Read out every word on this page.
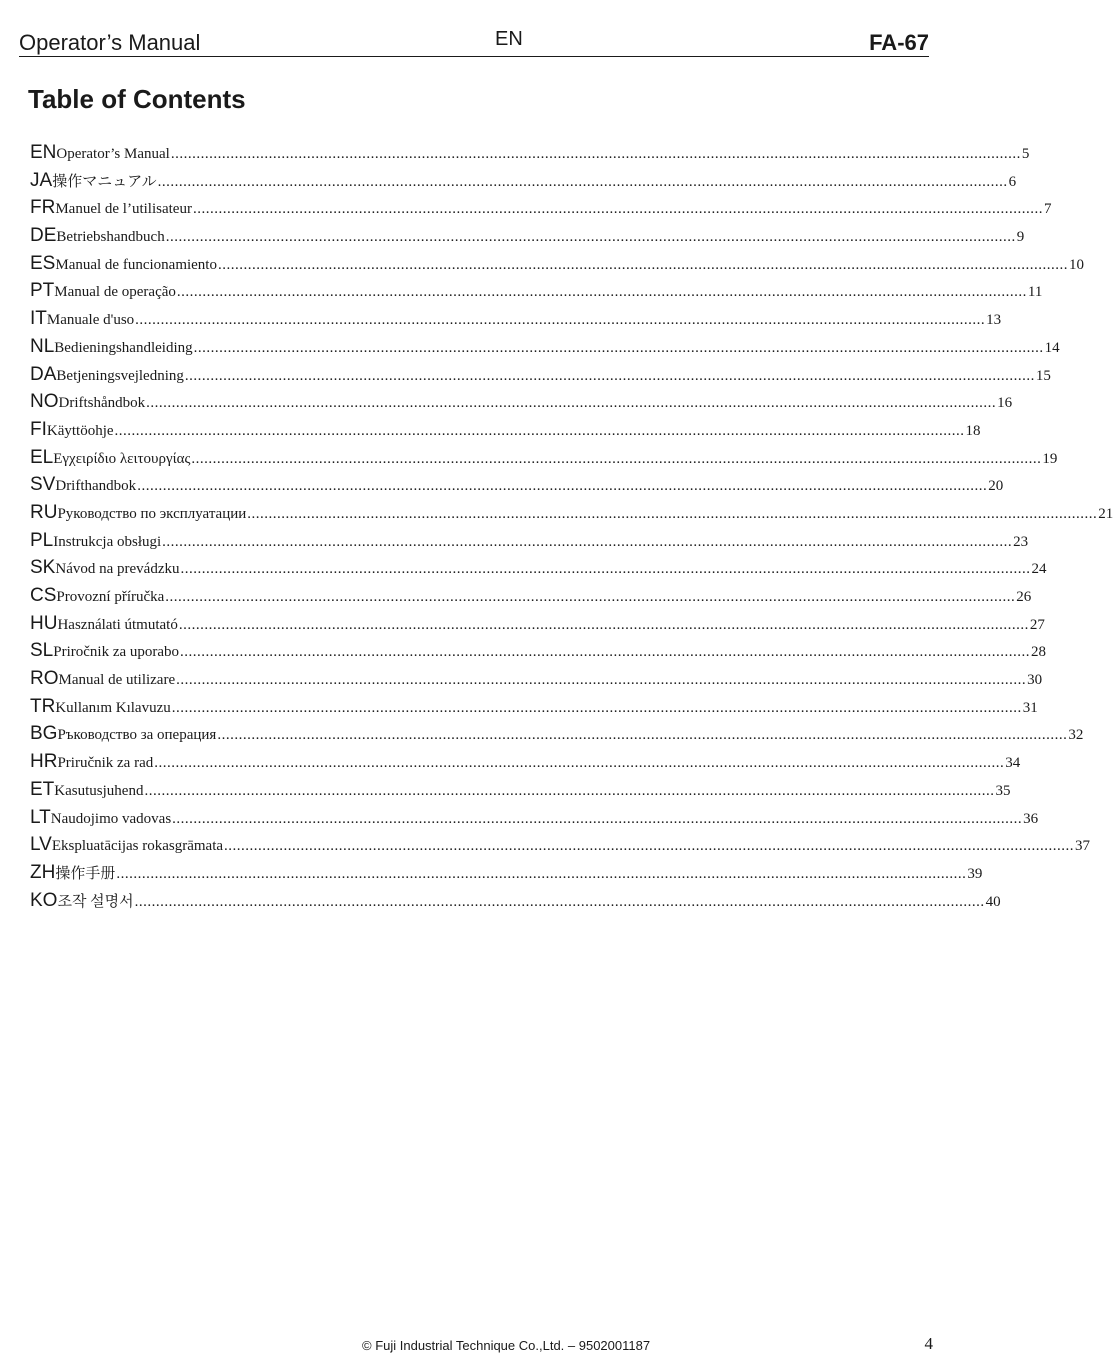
Operator’s Manual	EN	FA-67
Table of Contents
EN Operator’s Manual .....	5
JA 操作マニュアル .....	6
FR Manuel de l’utilisateur .....	7
DE Betriebshandbuch .....	9
ES Manual de funcionamiento .....	10
PT Manual de operação .....	11
IT Manuale d'uso .....	13
NL Bedieningshandleiding .....	14
DA Betjeningsvejledning .....	15
NO Driftshåndbok .....	16
FI Käyttöohje .....	18
EL Εγχειρίδιο λειτουργίας .....	19
SV Drifthandbok .....	20
RU Руководство по эксплуатации .....	21
PL Instrukcja obsługi .....	23
SK Návod na prevádzku .....	24
CS Provozní příručka .....	26
HU Használati útmutató .....	27
SL Priročnik za uporabo .....	28
RO Manual de utilizare .....	30
TR Kullanım Kılavuzu .....	31
BG Ръководство за операция .....	32
HR Priručnik za rad .....	34
ET Kasutusjuhend .....	35
LT Naudojimo vadovas .....	36
LV Ekspluatācijas rokasgrāmata .....	37
ZH 操作手册 .....	39
KO 조작 설명서 .....	40
© Fuji Industrial Technique Co.,Ltd. – 9502001187	4
